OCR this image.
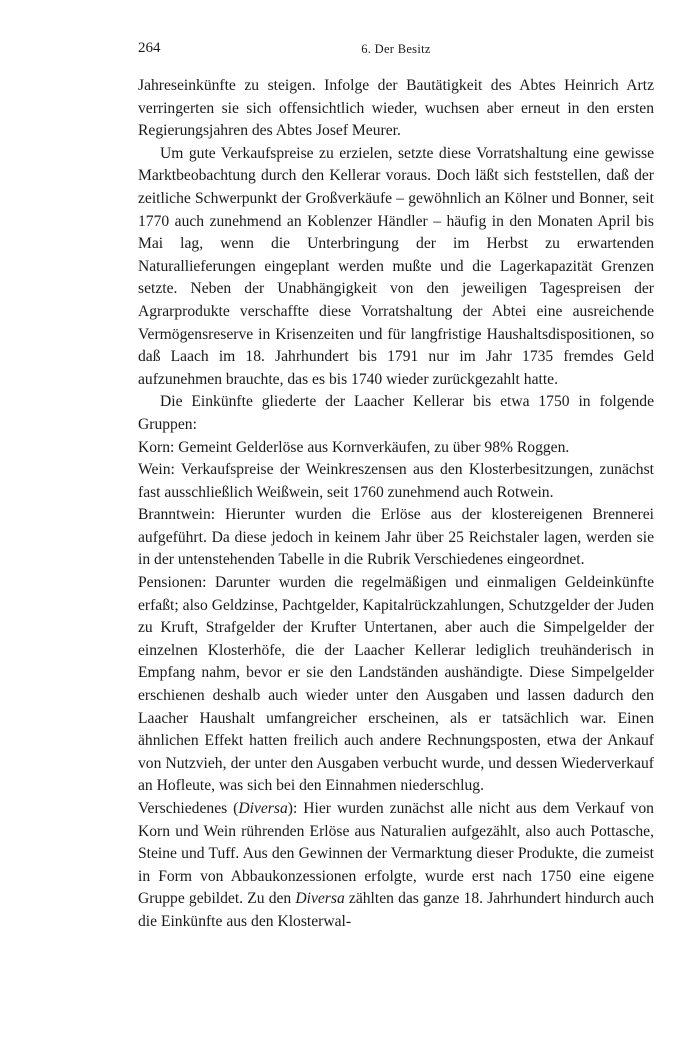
264	6. Der Besitz

Jahreseinkünfte zu steigen. Infolge der Bautätigkeit des Abtes Heinrich Artz verringerten sie sich offensichtlich wieder, wuchsen aber erneut in den ersten Regierungsjahren des Abtes Josef Meurer.

Um gute Verkaufspreise zu erzielen, setzte diese Vorratshaltung eine gewisse Marktbeobachtung durch den Kellerar voraus. Doch läßt sich feststellen, daß der zeitliche Schwerpunkt der Großverkäufe – gewöhnlich an Kölner und Bonner, seit 1770 auch zunehmend an Koblenzer Händler – häufig in den Monaten April bis Mai lag, wenn die Unterbringung der im Herbst zu erwartenden Naturallieferungen eingeplant werden mußte und die Lagerkapazität Grenzen setzte. Neben der Unabhängigkeit von den jeweiligen Tagespreisen der Agrarprodukte verschaffte diese Vorratshaltung der Abtei eine ausreichende Vermögensreserve in Krisenzeiten und für langfristige Haushaltsdispositionen, so daß Laach im 18. Jahrhundert bis 1791 nur im Jahr 1735 fremdes Geld aufzunehmen brauchte, das es bis 1740 wieder zurückgezahlt hatte.

Die Einkünfte gliederte der Laacher Kellerar bis etwa 1750 in folgende Gruppen:

Korn: Gemeint Gelderlöse aus Kornverkäufen, zu über 98% Roggen.

Wein: Verkaufspreise der Weinkreszensen aus den Klosterbesitzungen, zunächst fast ausschließlich Weißwein, seit 1760 zunehmend auch Rotwein.

Branntwein: Hierunter wurden die Erlöse aus der klostereigenen Brennerei aufgeführt. Da diese jedoch in keinem Jahr über 25 Reichstaler lagen, werden sie in der untenstehenden Tabelle in die Rubrik Verschiedenes eingeordnet.

Pensionen: Darunter wurden die regelmäßigen und einmaligen Geldeinkünfte erfaßt; also Geldzinse, Pachtgelder, Kapitalrückzahlungen, Schutzgelder der Juden zu Kruft, Strafgelder der Krufter Untertanen, aber auch die Simpelgelder der einzelnen Klosterhöfe, die der Laacher Kellerar lediglich treuhänderisch in Empfang nahm, bevor er sie den Landständen aushändigte. Diese Simpelgelder erschienen deshalb auch wieder unter den Ausgaben und lassen dadurch den Laacher Haushalt umfangreicher erscheinen, als er tatsächlich war. Einen ähnlichen Effekt hatten freilich auch andere Rechnungsposten, etwa der Ankauf von Nutzvieh, der unter den Ausgaben verbucht wurde, und dessen Wiederverkauf an Hofleute, was sich bei den Einnahmen niederschlug.

Verschiedenes (Diversa): Hier wurden zunächst alle nicht aus dem Verkauf von Korn und Wein rührenden Erlöse aus Naturalien aufgezählt, also auch Pottasche, Steine und Tuff. Aus den Gewinnen der Vermarktung dieser Produkte, die zumeist in Form von Abbaukonzessionen erfolgte, wurde erst nach 1750 eine eigene Gruppe gebildet. Zu den Diversa zählten das ganze 18. Jahrhundert hindurch auch die Einkünfte aus den Klosterwal-
